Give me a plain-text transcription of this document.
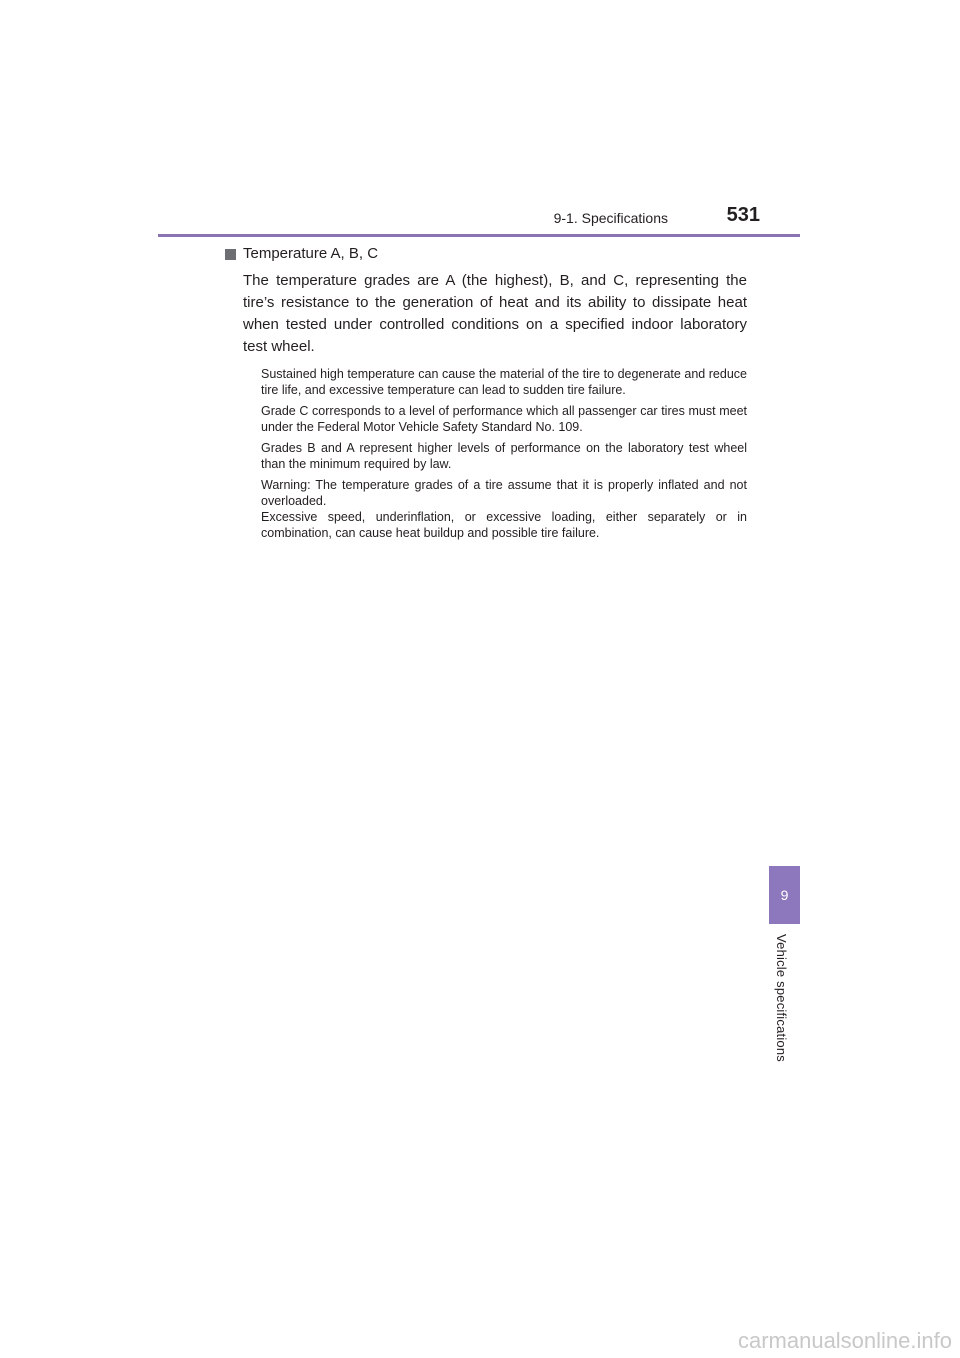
9-1. Specifications	531
Temperature A, B, C

The temperature grades are A (the highest), B, and C, representing the tire’s resistance to the generation of heat and its ability to dissipate heat when tested under controlled conditions on a specified indoor laboratory test wheel.

Sustained high temperature can cause the material of the tire to degenerate and reduce tire life, and excessive temperature can lead to sudden tire failure.

Grade C corresponds to a level of performance which all passenger car tires must meet under the Federal Motor Vehicle Safety Standard No. 109.

Grades B and A represent higher levels of performance on the laboratory test wheel than the minimum required by law.

Warning: The temperature grades of a tire assume that it is properly inflated and not overloaded.

Excessive speed, underinflation, or excessive loading, either separately or in combination, can cause heat buildup and possible tire failure.

9
Vehicle specifications
carmanualsonline.info
